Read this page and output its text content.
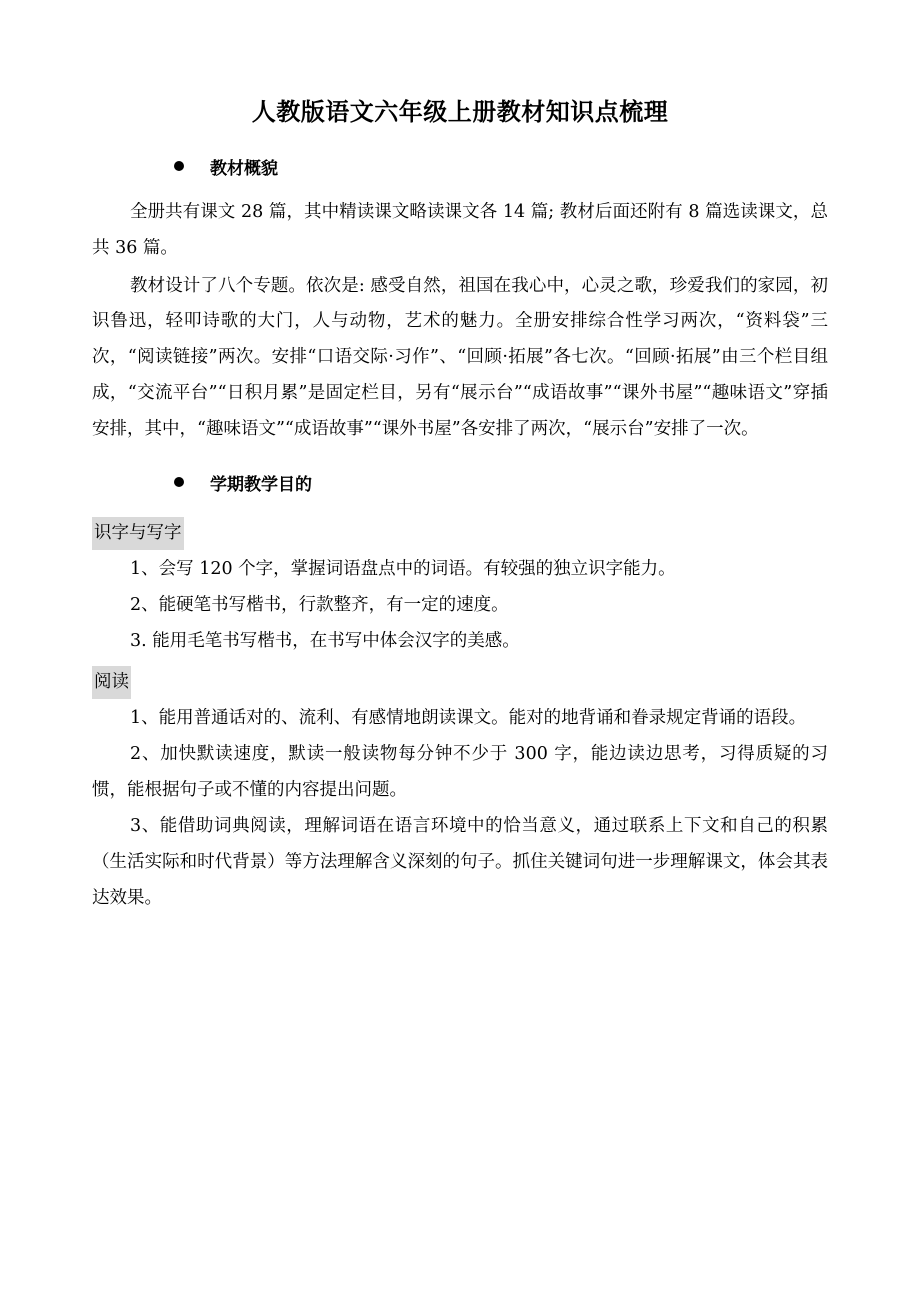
人教版语文六年级上册教材知识点梳理
教材概貌

全册共有课文 28 篇，其中精读课文略读课文各 14 篇; 教材后面还附有 8 篇选读课文，总共 36 篇。

教材设计了八个专题。依次是: 感受自然，祖国在我心中，心灵之歌，珍爱我们的家园，初识鲁迅，轻叩诗歌的大门，人与动物，艺术的魅力。全册安排综合性学习两次，“资料袋”三次，“阅读链接”两次。安排“口语交际·习作”、“回顾·拓展”各七次。“回顾·拓展”由三个栏目组成，“交流平台”“日积月累”是固定栏目，另有“展示台”“成语故事”“课外书屋”“趣味语文”穿插安排，其中，“趣味语文”“成语故事”“课外书屋”各安排了两次，“展示台”安排了一次。

学期教学目的
识字与写字

1、会写 120 个字，掌握词语盘点中的词语。有较强的独立识字能力。

2、能硬笔书写楷书，行款整齐，有一定的速度。

3. 能用毛笔书写楷书，在书写中体会汉字的美感。

阅读

1、能用普通话对的、流利、有感情地朗读课文。能对的地背诵和眷录规定背诵的语段。

2、加快默读速度，默读一般读物每分钟不少于 300 字，能边读边思考，习得质疑的习惯，能根据句子或不懂的内容提出问题。

3、能借助词典阅读，理解词语在语言环境中的恰当意义，通过联系上下文和自己的积累（生活实际和时代背景）等方法理解含义深刻的句子。抓住关键词句进一步理解课文，体会其表达效果。
